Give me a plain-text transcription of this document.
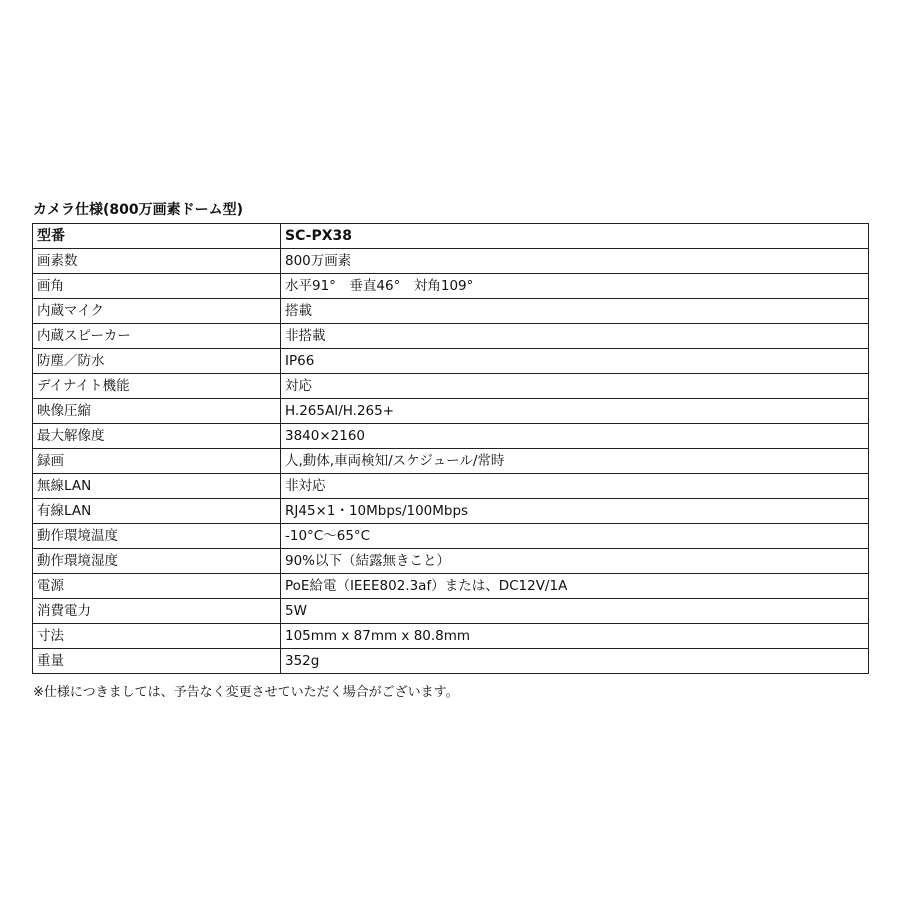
カメラ仕様(800万画素ドーム型)
型番	SC-PX38
画素数	800万画素
画角	水平91°　垂直46°　対角109°
内蔵マイク	搭載
内蔵スピーカー	非搭載
防塵／防水	IP66
デイナイト機能	対応
映像圧縮	H.265AI/H.265+
最大解像度	3840×2160
録画	人,動体,車両検知/スケジュール/常時
無線LAN	非対応
有線LAN	RJ45×1・10Mbps/100Mbps
動作環境温度	-10°C～65°C
動作環境湿度	90%以下（結露無きこと）
電源	PoE給電（IEEE802.3af）または、DC12V/1A
消費電力	5W
寸法	105mm x 87mm x 80.8mm
重量	352g
※仕様につきましては、予告なく変更させていただく場合がございます。
